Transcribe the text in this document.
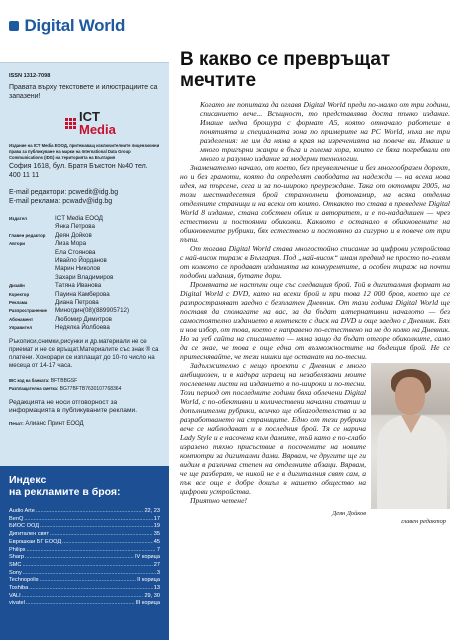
Digital World
ISSN 1312-7098
Правата върху текстовете и илюстрациите са запазени!
ICT
Media
Издание на ICT Media ЕООД, притежаващ изключителните лицензионни права за публикуване на марки на International Data Group Communications (IDG) на територията на България
София 1618, бул. Братя Бъкстон №40 тел. 400 11 11
E-mail редактори: pcwedit@idg.bg
E-mail реклама: pcwadv@idg.bg
Издател	ICT Media ЕООД
Янка Петрова
Главен редактор	Деян Дойков
Автори	Лиза Мора
Ела Стоянова
Ивайло Йорданов
Марин Николов
Захари Владимиров
Дизайн	Татяна Иванова
Коректор	Пауина Камберова
Реклама	Диана Петрова
Разпространение	Миногдин(08)(889905712)
Абонамент	Любомир Димитров
Управител	Недялка Йолбоева
Ръкописи,снимки,рисунки и др.материали не се приемат и не се връщат.Материалите със знак ® са платени. Хонорари се изплащат до 10-то число на месеца от 14-17 часа.
IBC код на банката: BFTBBGSF
Разплащателна сметка: BG77BFTB7630107768364
Редакцията не носи отговорност за информацията в публикуваните реклами.
Печат: Алианс Принт ЕООД
Индекс
на рекламите в броя:
Audio Arte .....	22, 23
BenQ .....	17
БИОС ООД .....	19
Дигитален свят .....	35
Еврошкаи БГ ЕООД .....	45
Philips .....	7
Sharp .....	IV корица
SMC .....	27
Sony .....	3
Technopolis .....	II корица
Toshiba .....	13
VALI .....	29, 30
vivatel .....	III корица
В какво се превръщат
мечтите
Когато ме попитаха да оглавя Digital World преди по-малко от три години, списанието вече... Всъщност, то представлява доста тънко издание. Имаше иедна брошура с формат А5, която отначало работеше в понятията и специалната зона по примерите на PC World, нъха ме три разделения: не им да няма в края на изреченията на повече ви. Имаше и много тригърни жанри в бъга и голема хора, които се бяха погребвали от много и разумно издание за модерни технологии.

Знаменателно начало, от което, без преувеличение и без многообразен дорект, но и без грамоти, която да определят свободата на надежди — на всека нова идея, на търсене, сега и за по-широко преуреждане. Така от октомври 2005, на този шестнадесетия брой страхнолнеш фотонамир, на всяка отделна отделните страници и на всеки от които. Откакто то става в преведене Digital World 8 издание, стана собствен облик и авторитет, и е по-нададишен — чрез естествени и постоянни обиколки. Каквото е останало в обикновените на обикновените рубрики, бях естествено и постоянно аз сигурно и в повече от три пъти.

От тогава Digital World става многостойно списание за цифрови устройства с най-висок тираж в България. Под „най-висок“ имам предвид не просто по-голям от колкото се продават изданията на конкурентите, а особен тираж на почти подобни издания, бутате дори.

Промяната не настъпи още със следващия брой. Той в дигиталния формат на Digital World с DVD, като на всеки брой и при това 12 000 броя, което ще се разпространяват заедно с безплатен Дневник. От тази година Digital World ще поставя да спомагате на вас, за да бъдат алтернативни началото — без самостоятелно изданието в контекст с диск на DVD и още заедно с Дневник. Бях и нов избор, от това, което е направено по-естествено на не до колко на Дневник. Но за уеб сайта на списанието — няма защо да бъдат отгоре обиколките, само да се знае, че това е още една от възможностите на бъдещия брой. Не се притеснявайте, че тези нишки ще останат на по-тесни.

Задължително с нещо проекти с Дневник е много амбициозен, и в кадъра играещ на незабелязани моите послевенни листи на изданието в по-широки и по-тесни. Този период от последните години бяха облечени Digital World, с по-обективни и количествени начални статии и допълнителни рубрики, всичко ще облагодетелства и за разработването на страниците. Едно от тези рубрики вече се наблюдават и в последния брой. Тя се нарича Lady Style и е насочена към дамите, тъй като е по-слабо изразено тяхно присъствие в посочените на новите компютри за дигитални дами. Вярвам, че другите ще ги видим в различна степен на отделните абзаци. Вярвам, че ще разберат, че никой не е в дигиталния свят сам, а пък все още е добре дошъл в нашето общество на цифрови устройства.

Приятно четене!

Деян Дойков
главен редактор
